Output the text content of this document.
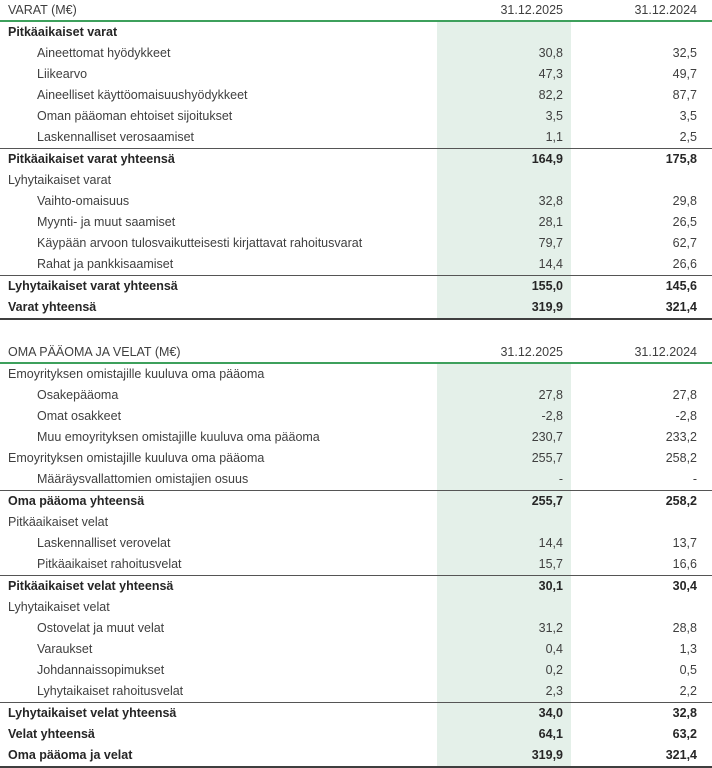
VARAT (M€)	31.12.2025	31.12.2024
Pitkäaikaiset varat		
Aineettomat hyödykkeet	30,8	32,5
Liikearvo	47,3	49,7
Aineelliset käyttöomaisuushyödykkeet	82,2	87,7
Oman pääoman ehtoiset sijoitukset	3,5	3,5
Laskennalliset verosaamiset	1,1	2,5
Pitkäaikaiset varat yhteensä	164,9	175,8
Lyhytaikaiset varat		
Vaihto-omaisuus	32,8	29,8
Myynti- ja muut saamiset	28,1	26,5
Käypään arvoon tulosvaikutteisesti kirjattavat rahoitusvarat	79,7	62,7
Rahat ja pankkisaamiset	14,4	26,6
Lyhytaikaiset varat yhteensä	155,0	145,6
Varat yhteensä	319,9	321,4
OMA PÄÄOMA JA VELAT (M€)	31.12.2025	31.12.2024
Emoyrityksen omistajille kuuluva oma pääoma		
Osakepääoma	27,8	27,8
Omat osakkeet	-2,8	-2,8
Muu emoyrityksen omistajille kuuluva oma pääoma	230,7	233,2
Emoyrityksen omistajille kuuluva oma pääoma	255,7	258,2
Määräysvallattomien omistajien osuus	-	-
Oma pääoma yhteensä	255,7	258,2
Pitkäaikaiset velat		
Laskennalliset verovelat	14,4	13,7
Pitkäaikaiset rahoitusvelat	15,7	16,6
Pitkäaikaiset velat yhteensä	30,1	30,4
Lyhytaikaiset velat		
Ostovelat ja muut velat	31,2	28,8
Varaukset	0,4	1,3
Johdannaissopimukset	0,2	0,5
Lyhytaikaiset rahoitusvelat	2,3	2,2
Lyhytaikaiset velat yhteensä	34,0	32,8
Velat yhteensä	64,1	63,2
Oma pääoma ja velat	319,9	321,4
